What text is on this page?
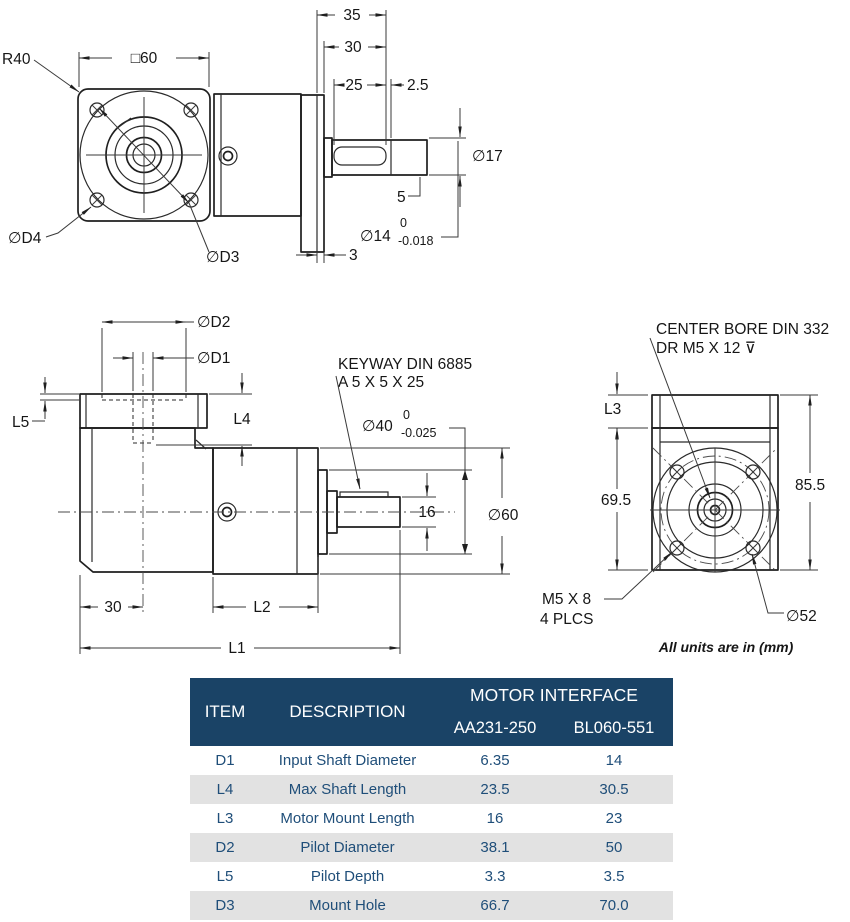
35
30
25	2.5
∅17
5
∅14
0
-0.018
3
R40	□60
∅D4
∅D3
∅D2
∅D1
L5	L4
KEYWAY DIN 6885
A 5 X 5 X 25
∅40
0
-0.025
16	∅60
30	L2
L1
CENTER BORE DIN 332
DR M5 X 12 ⊽
L3
69.5
85.5
M5 X 8
4 PLCS	∅52
All units are in (mm)
ITEM	DESCRIPTION
MOTOR INTERFACE
AA231-250	BL060-551
D1	Input Shaft Diameter	6.35	14
L4	Max Shaft Length	23.5	30.5
L3	Motor Mount Length	16	23
D2	Pilot Diameter	38.1	50
L5	Pilot Depth	3.3	3.5
D3	Mount Hole	66.7	70.0
